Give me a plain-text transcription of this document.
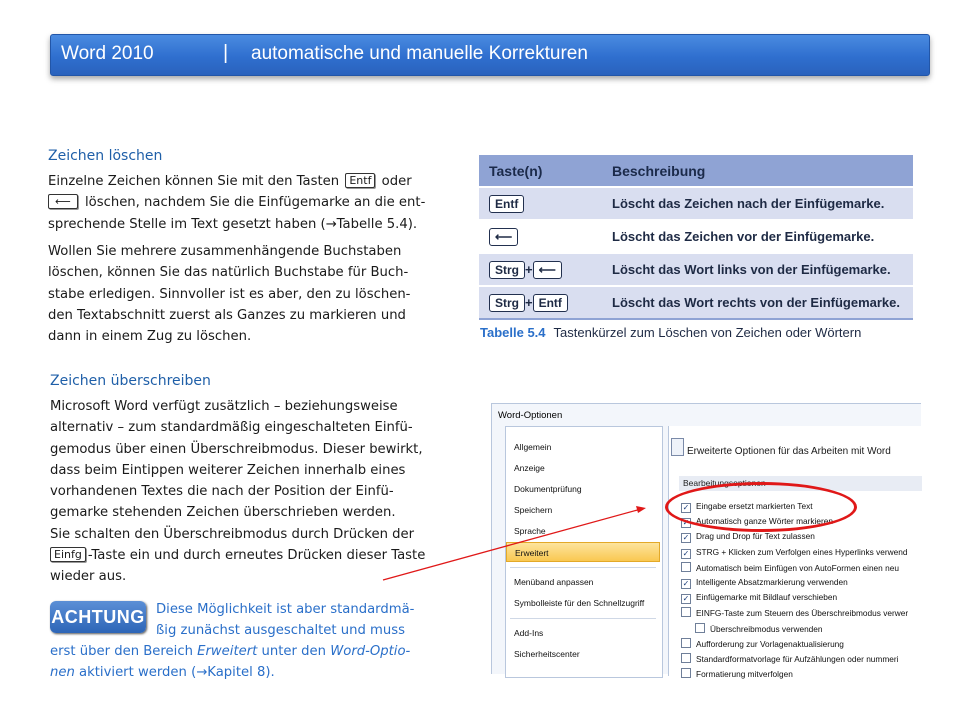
Word 2010	| automatische und manuelle Korrekturen
Zeichen löschen
Einzelne Zeichen können Sie mit den Tasten Entf oder
⟵ löschen, nachdem Sie die Einfügemarke an die ent-
sprechende Stelle im Text gesetzt haben (→Tabelle 5.4).
Wollen Sie mehrere zusammenhängende Buchstaben
löschen, können Sie das natürlich Buchstabe für Buch-
stabe erledigen. Sinnvoller ist es aber, den zu löschen-
den Textabschnitt zuerst als Ganzes zu markieren und
dann in einem Zug zu löschen.
Zeichen überschreiben
Microsoft Word verfügt zusätzlich – beziehungsweise
alternativ – zum standardmäßig eingeschalteten Einfü-
gemodus über einen Überschreibmodus. Dieser bewirkt,
dass beim Eintippen weiterer Zeichen innerhalb eines
vorhandenen Textes die nach der Position der Einfü-
gemarke stehenden Zeichen überschrieben werden.
Sie schalten den Überschreibmodus durch Drücken der
Einfg -Taste ein und durch erneutes Drücken dieser Taste
wieder aus.
ACHTUNG Diese Möglichkeit ist aber standardmä-
ßig zunächst ausgeschaltet und muss
erst über den Bereich Erweitert unter den Word-Optio-
nen aktiviert werden (→Kapitel 8).
Taste(n)	Beschreibung
Entf	Löscht das Zeichen nach der Einfügemarke.
⟵	Löscht das Zeichen vor der Einfügemarke.
Strg + ⟵	Löscht das Wort links von der Einfügemarke.
Strg + Entf	Löscht das Wort rechts von der Einfügemarke.
Tabelle 5.4 Tastenkürzel zum Löschen von Zeichen oder Wörtern
Word-Optionen
Allgemein
Anzeige
Dokumentprüfung
Speichern
Sprache
Erweitert
Menüband anpassen
Symbolleiste für den Schnellzugriff
Add-Ins
Sicherheitscenter
Erweiterte Optionen für das Arbeiten mit Word
Bearbeitungsoptionen
✓ Eingabe ersetzt markierten Text
✓ Automatisch ganze Wörter markieren
✓ Drag und Drop für Text zulassen
✓ STRG + Klicken zum Verfolgen eines Hyperlinks verwend
Automatisch beim Einfügen von AutoFormen einen neu
✓ Intelligente Absatzmarkierung verwenden
✓ Einfügemarke mit Bildlauf verschieben
EINFG-Taste zum Steuern des Überschreibmodus verwer
Überschreibmodus verwenden
Aufforderung zur Vorlagenaktualisierung
Standardformatvorlage für Aufzählungen oder nummeri
Formatierung mitverfolgen
